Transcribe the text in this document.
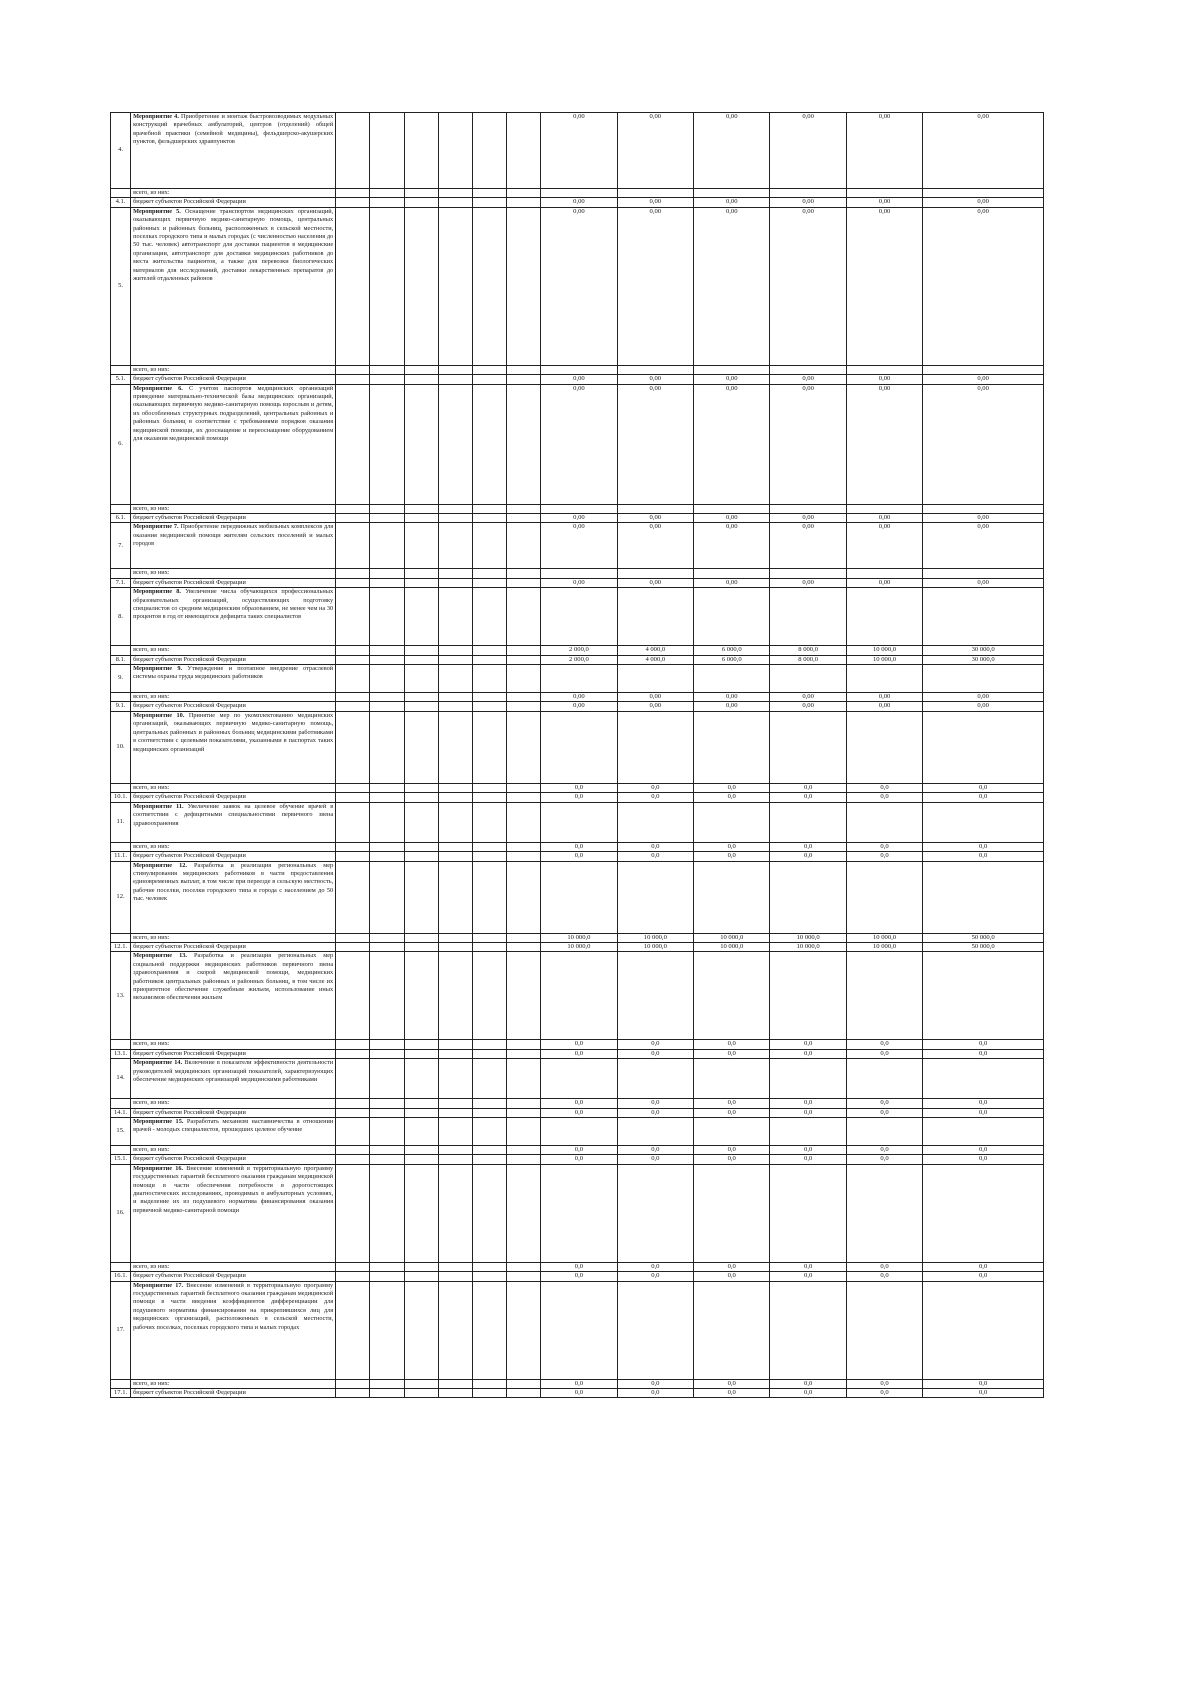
4.	Мероприятие 4. Приобретение и монтаж быстровозводимых модульных конструкций врачебных амбулаторий, центров (отделений) общей врачебной практики (семейной медицины), фельдшерско-акушерских пунктов, фельдшерских здравпунктов							0,00	0,00	0,00	0,00	0,00	0,00
	всего, из них:												
4.1.	бюджет субъектов Российской Федерации							0,00	0,00	0,00	0,00	0,00	0,00
5.	Мероприятие 5. Оснащение транспортом медицинских организаций, оказывающих первичную медико-санитарную помощь, центральных районных и районных больниц, расположенных в сельской местности, поселках городского типа и малых городах (с численностью населения до 50 тыс. человек) автотранспорт для доставки пациентов в медицинские организации, автотранспорт для доставки медицинских работников до места жительства пациентов, а также для перевозки биологических материалов для исследований, доставки лекарственных препаратов до жителей отдаленных районов							0,00	0,00	0,00	0,00	0,00	0,00
	всего, из них:												
5.1.	бюджет субъектов Российской Федерации							0,00	0,00	0,00	0,00	0,00	0,00
6.	Мероприятие 6. С учетом паспортов медицинских организаций приведение материально-технической базы медицинских организаций, оказывающих первичную медико-санитарную помощь взрослым и детям, их обособленных структурных подразделений, центральных районных и районных больниц в соответствие с требованиями порядков оказания медицинской помощи, их дооснащение и переоснащение оборудованием для оказания медицинской помощи							0,00	0,00	0,00	0,00	0,00	0,00
	всего, из них:												
6.1.	бюджет субъектов Российской Федерации							0,00	0,00	0,00	0,00	0,00	0,00
7.	Мероприятие 7. Приобретение передвижных мобильных комплексов для оказания медицинской помощи жителям сельских поселений и малых городов							0,00	0,00	0,00	0,00	0,00	0,00
	всего, из них:												
7.1.	бюджет субъектов Российской Федерации							0,00	0,00	0,00	0,00	0,00	0,00
8.	Мероприятие 8. Увеличение числа обучающихся профессиональных образовательных организаций, осуществляющих подготовку специалистов со средним медицинским образованием, не менее чем на 30 процентов в год от имеющегося дефицита таких специалистов												
	всего, из них:							2 000,0	4 000,0	6 000,0	8 000,0	10 000,0	30 000,0
8.1.	бюджет субъектов Российской Федерации							2 000,0	4 000,0	6 000,0	8 000,0	10 000,0	30 000,0
9.	Мероприятие 9. Утверждение и поэтапное внедрение отраслевой системы охраны труда медицинских работников												
	всего, из них:							0,00	0,00	0,00	0,00	0,00	0,00
9.1.	бюджет субъектов Российской Федерации							0,00	0,00	0,00	0,00	0,00	0,00
10.	Мероприятие 10. Принятие мер по укомплектованию медицинских организаций, оказывающих первичную медико-санитарную помощь, центральных районных и районных больниц медицинскими работниками в соответствии с целевыми показателями, указанными в паспортах таких медицинских организаций												
	всего, из них:							0,0	0,0	0,0	0,0	0,0	0,0
10.1.	бюджет субъектов Российской Федерации							0,0	0,0	0,0	0,0	0,0	0,0
11.	Мероприятие 11. Увеличение заявок на целевое обучение врачей в соответствии с дефицитными специальностями первичного звена здравоохранения												
	всего, из них:							0,0	0,0	0,0	0,0	0,0	0,0
11.1.	бюджет субъектов Российской Федерации							0,0	0,0	0,0	0,0	0,0	0,0
12.	Мероприятие 12. Разработка и реализация региональных мер стимулирования медицинских работников в части предоставления единовременных выплат, в том числе при переезде в сельскую местность, рабочие поселки, поселки городского типа и города с населением до 50 тыс. человек												
	всего, из них:							10 000,0	10 000,0	10 000,0	10 000,0	10 000,0	50 000,0
12.1.	бюджет субъектов Российской Федерации							10 000,0	10 000,0	10 000,0	10 000,0	10 000,0	50 000,0
13.	Мероприятие 13. Разработка и реализация региональных мер социальной поддержки медицинских работников первичного звена здравоохранения и скорой медицинской помощи, медицинских работников центральных районных и районных больниц, в том числе их приоритетное обеспечение служебным жильем, использование иных механизмов обеспечения жильем												
	всего, из них:							0,0	0,0	0,0	0,0	0,0	0,0
13.1.	бюджет субъектов Российской Федерации							0,0	0,0	0,0	0,0	0,0	0,0
14.	Мероприятие 14. Включение в показатели эффективности деятельности руководителей медицинских организаций показателей, характеризующих обеспечение медицинских организаций медицинскими работниками												
	всего, из них:							0,0	0,0	0,0	0,0	0,0	0,0
14.1.	бюджет субъектов Российской Федерации							0,0	0,0	0,0	0,0	0,0	0,0
15.	Мероприятие 15. Разработать механизм наставничества в отношении врачей - молодых специалистов, прошедших целевое обучение												
	всего, из них:							0,0	0,0	0,0	0,0	0,0	0,0
15.1.	бюджет субъектов Российской Федерации							0,0	0,0	0,0	0,0	0,0	0,0
16.	Мероприятие 16. Внесение изменений в территориальную программу государственных гарантий бесплатного оказания гражданам медицинской помощи в части обеспечения потребности в дорогостоящих диагностических исследованиях, проводимых в амбулаторных условиях, и выделение их из подушевого норматива финансирования оказания первичной медико-санитарной помощи												
	всего, из них:							0,0	0,0	0,0	0,0	0,0	0,0
16.1.	бюджет субъектов Российской Федерации							0,0	0,0	0,0	0,0	0,0	0,0
17.	Мероприятие 17. Внесение изменений в территориальную программу государственных гарантий бесплатного оказания гражданам медицинской помощи в части введения коэффициентов дифференциации для подушевого норматива финансирования на прикрепившихся лиц для медицинских организаций, расположенных в сельской местности, рабочих поселках, поселках городского типа и малых городах												
	всего, из них:							0,0	0,0	0,0	0,0	0,0	0,0
17.1.	бюджет субъектов Российской Федерации							0,0	0,0	0,0	0,0	0,0	0,0
